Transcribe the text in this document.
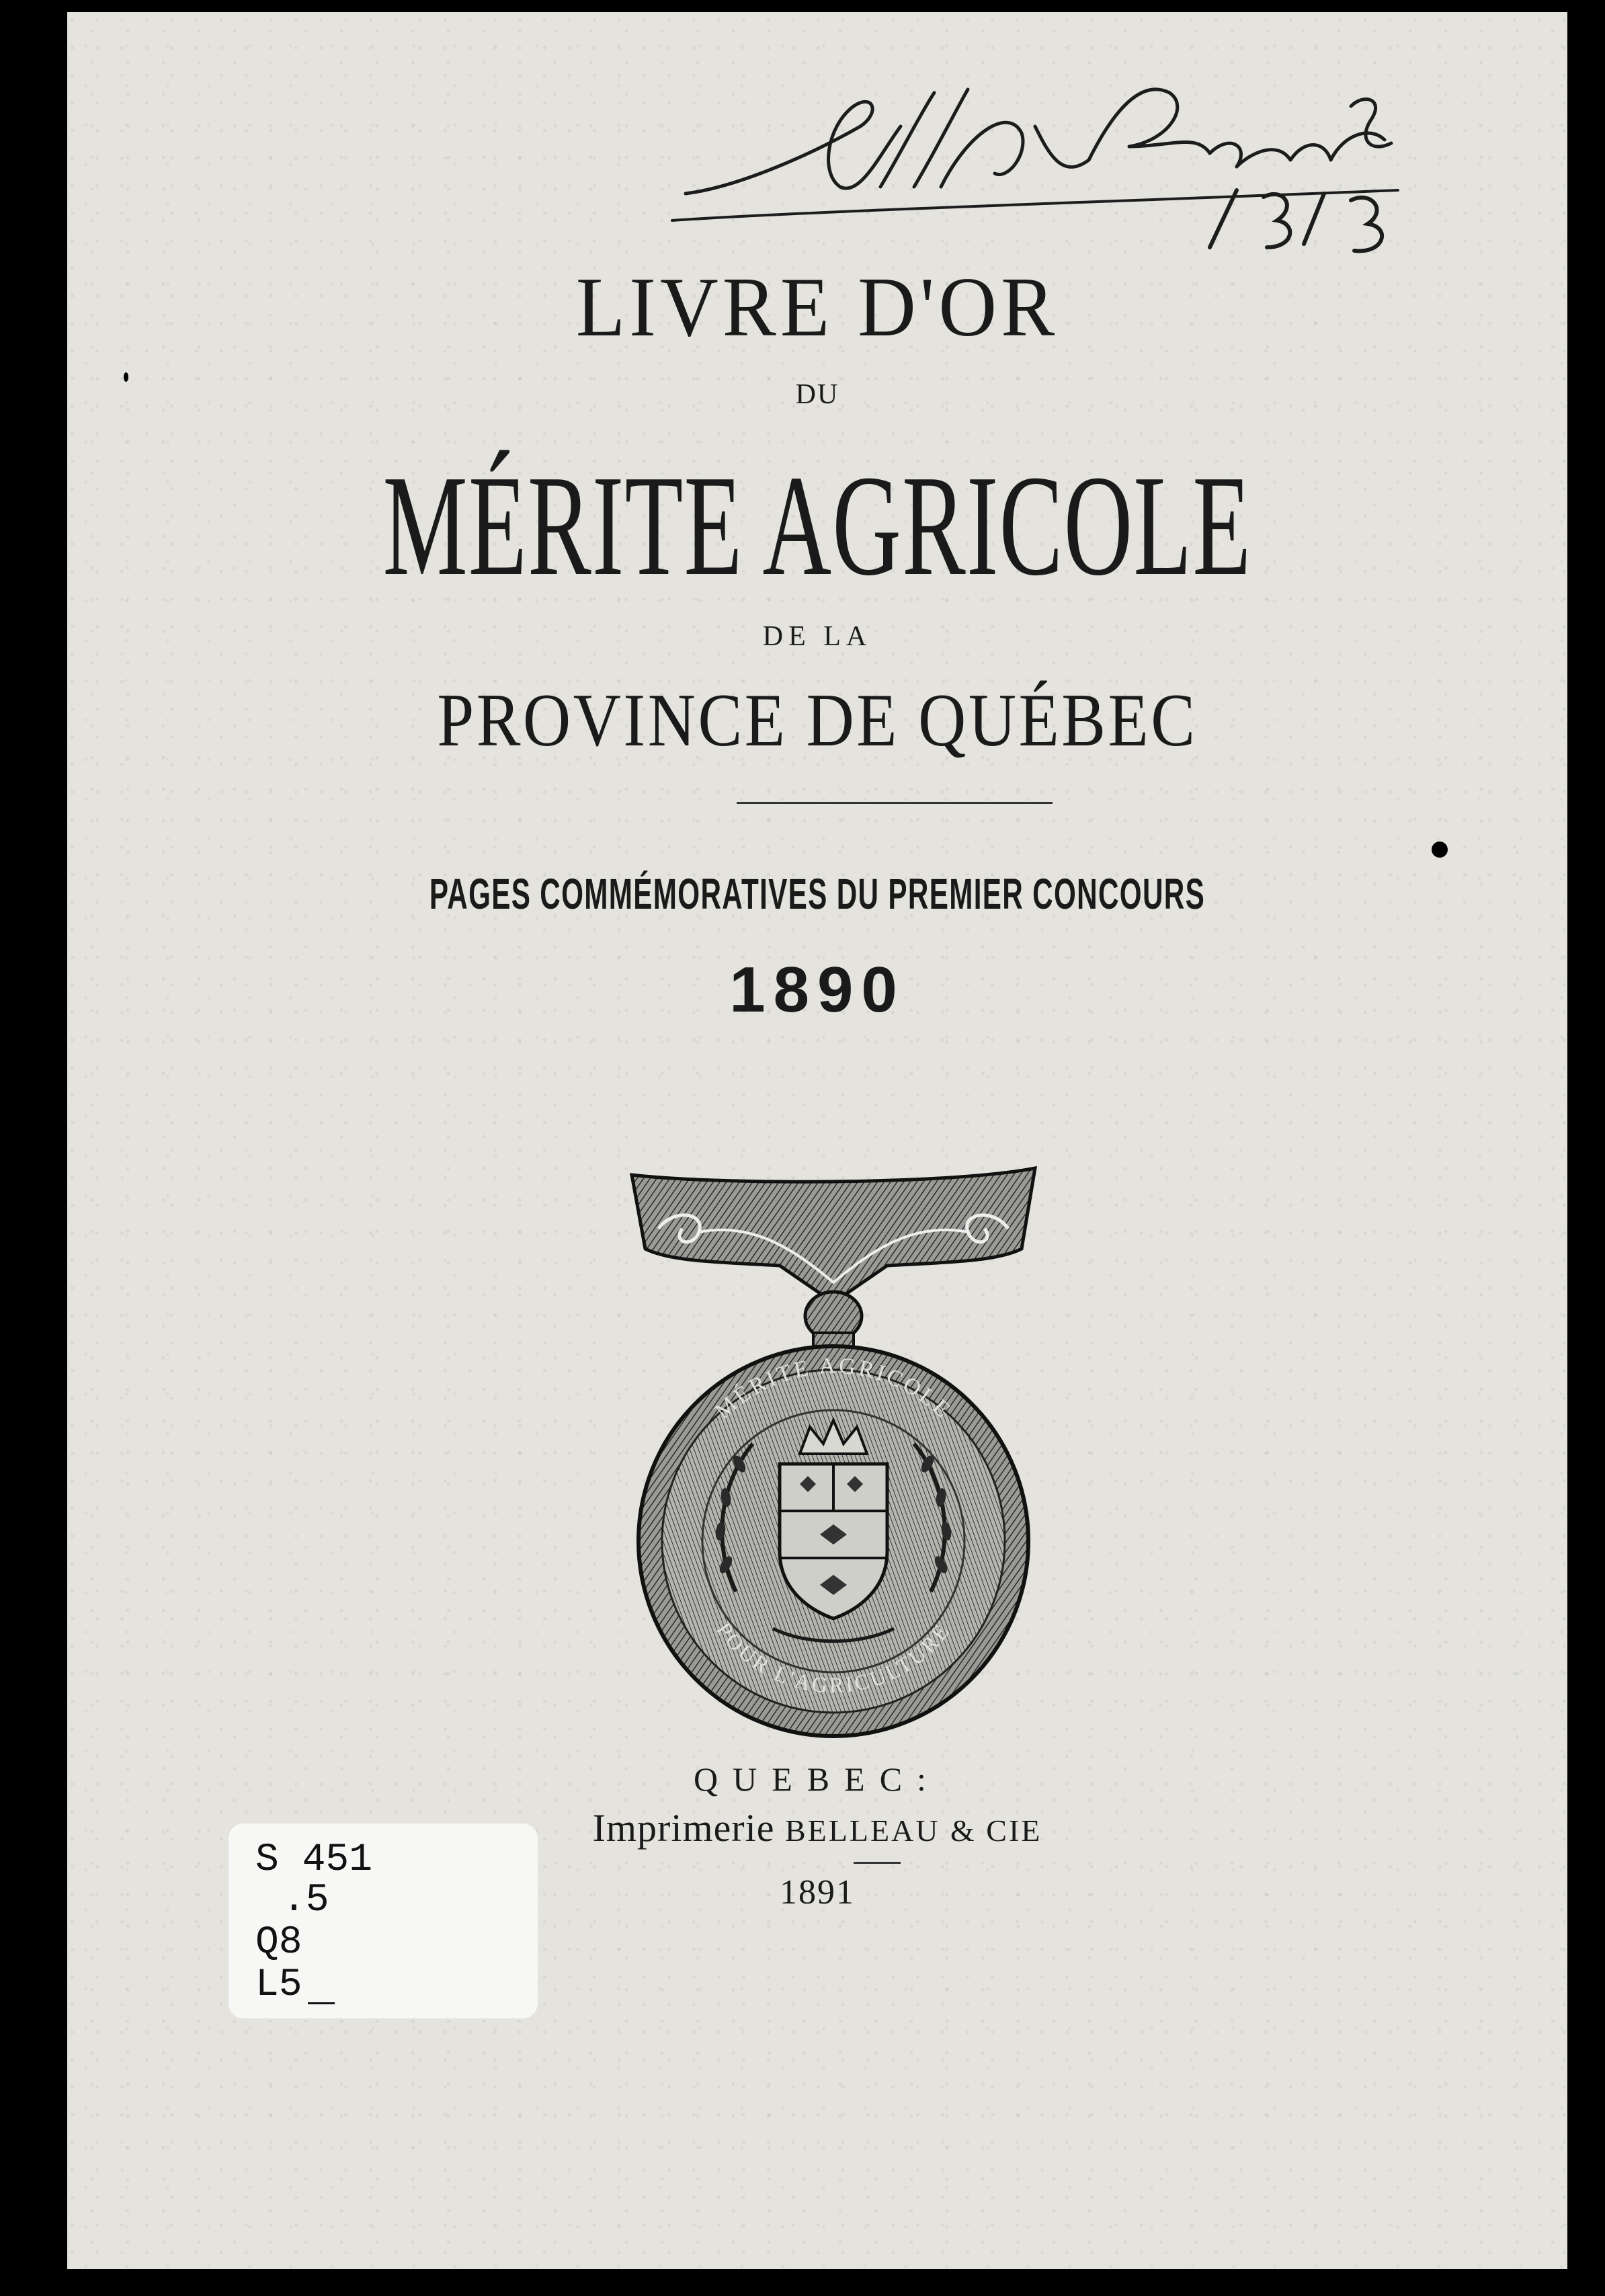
LIVRE D'OR
DU
MÉRITE AGRICOLE
DE LA
PROVINCE DE QUÉBEC
PAGES COMMÉMORATIVES DU PREMIER CONCOURS
1890
MÉRITE AGRICOLE
POUR L'AGRICULTURE
QUEBEC:
Imprimerie BELLEAU & CIE
1891
S 451
.5
Q8
L5
